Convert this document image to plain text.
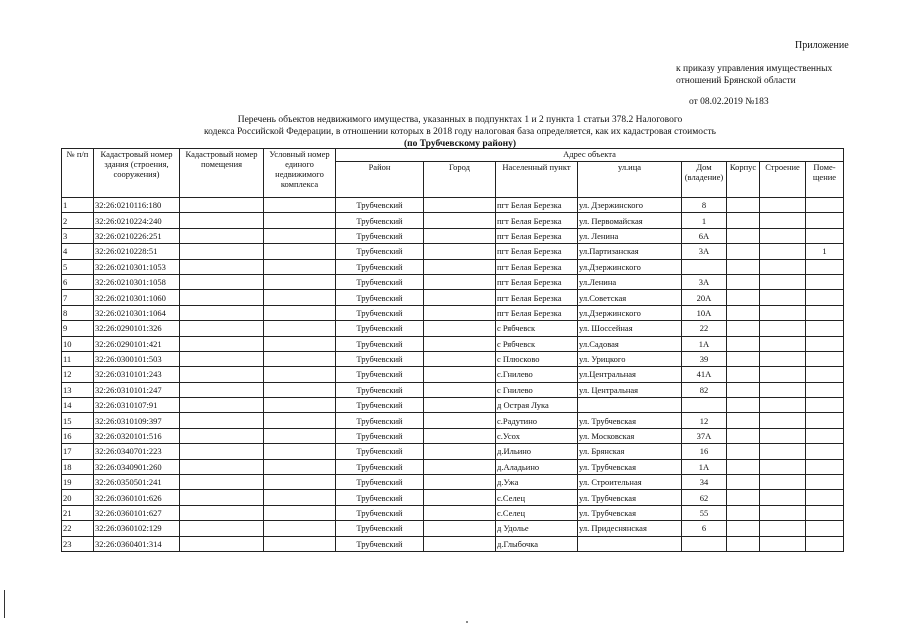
Приложение
к приказу управления имущественных
отношений Брянской области
от 08.02.2019 №183
Перечень объектов недвижимого имущества, указанных в подпунктах 1 и 2 пункта 1 статьи 378.2 Налогового
кодекса Российской Федерации, в отношении которых в 2018 году налоговая база определяется, как их кадастровая стоимость
(по Трубчевскому району)
№ п/п	Кадастровый номер здания (строения, сооружения)	Кадастровый номер помещения	Условный номер единого недвижимого комплекса	Адрес объекта							
				Район	Город	Населенный пункт	ул.ица	Дом (владение)	Корпус	Строение	Поме-щение
1	32:26:0210116:180			Трубчевский		пгт Белая Березка	ул. Дзержинского	8			
2	32:26:0210224:240			Трубчевский		пгт Белая Березка	ул. Первомайская	1			
3	32:26:0210226:251			Трубчевский		пгт Белая Березка	ул. Ленина	6А			
4	32:26:0210228:51			Трубчевский		пгт Белая Березка	ул.Партизанская	3А			1
5	32:26:0210301:1053			Трубчевский		пгт Белая Березка	ул.Дзержинского				
6	32:26:0210301:1058			Трубчевский		пгт Белая Березка	ул.Ленина	3А			
7	32:26:0210301:1060			Трубчевский		пгт Белая Березка	ул.Советская	20А			
8	32:26:0210301:1064			Трубчевский		пгт Белая Березка	ул.Дзержинского	10А			
9	32:26:0290101:326			Трубчевский		с Рябчевск	ул. Шоссейная	22			
10	32:26:0290101:421			Трубчевский		с Рябчевск	ул.Садовая	1А			
11	32:26:0300101:503			Трубчевский		с Плюсково	ул. Урицкого	39			
12	32:26:0310101:243			Трубчевский		с.Гнилево	ул.Центральная	41А			
13	32:26:0310101:247			Трубчевский		с Гнилево	ул. Центральная	82			
14	32:26:0310107:91			Трубчевский		д Острая Лука					
15	32:26:0310109:397			Трубчевский		с.Радутино	ул. Трубчевская	12			
16	32:26:0320101:516			Трубчевский		с.Усох	ул. Московская	37А			
17	32:26:0340701:223			Трубчевский		д.Ильино	ул. Брянская	16			
18	32:26:0340901:260			Трубчевский		д.Аладьино	ул. Трубчевская	1А			
19	32:26:0350501:241			Трубчевский		д.Ужа	ул. Строительная	34			
20	32:26:0360101:626			Трубчевский		с.Селец	ул. Трубчевская	62			
21	32:26:0360101:627			Трубчевский		с.Селец	ул. Трубчевская	55			
22	32:26:0360102:129			Трубчевский		д Удолье	ул. Придеснянская	6			
23	32:26:0360401:314			Трубчевский		д.Глыбочка					
